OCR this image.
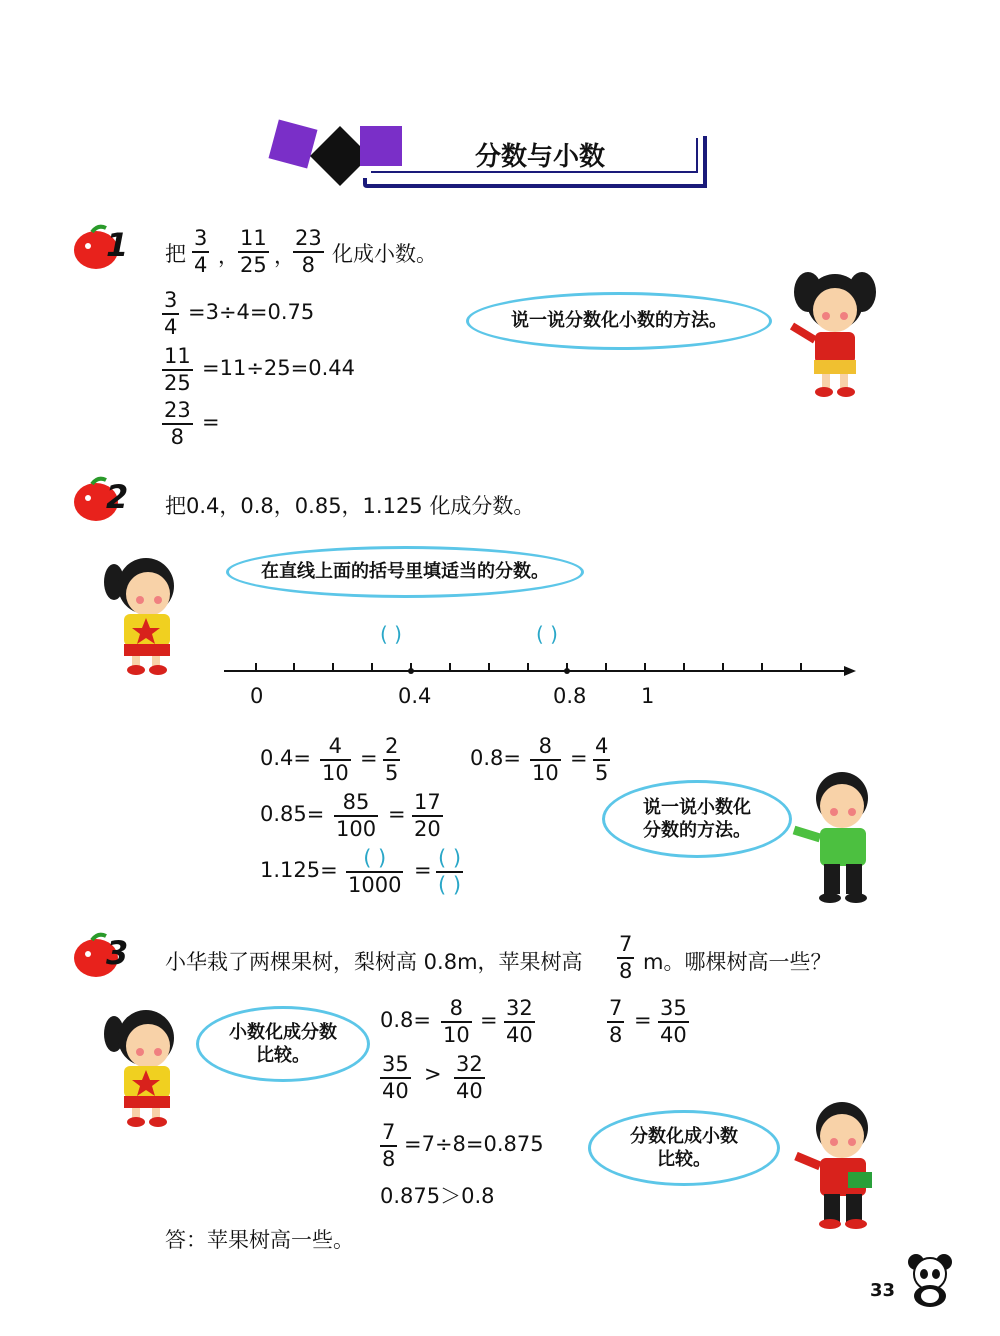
分数与小数
1 把
3
4 ，
11
25 ，
23
8 化成小数。
3
4
=3÷4=0.75
11
25
=11÷25=0.44
23
8
=
说一说分数化小数的方法。
2 把0.4，0.8，0.85，1.125 化成分数。
在直线上面的括号里填适当的分数。
( )	( )
0	0.4	0.8	1
0.4= 4
10
= 2
5
0.8= 8
10
= 4
5
0.85= 85
100
= 17
20
1.125= ( )
1000
= ( )
( )
说一说小数化
分数的方法。
3 小华栽了两棵果树，梨树高 0.8m，苹果树高
7
8 m。哪棵树高一些？
小数化成分数
比较。
0.8= 8
10
= 32
40
7
8
= 35
40
35
40
> 32
40
7
8
=7÷8=0.875
0.875＞0.8
分数化成小数
比较。
答：苹果树高一些。
33
